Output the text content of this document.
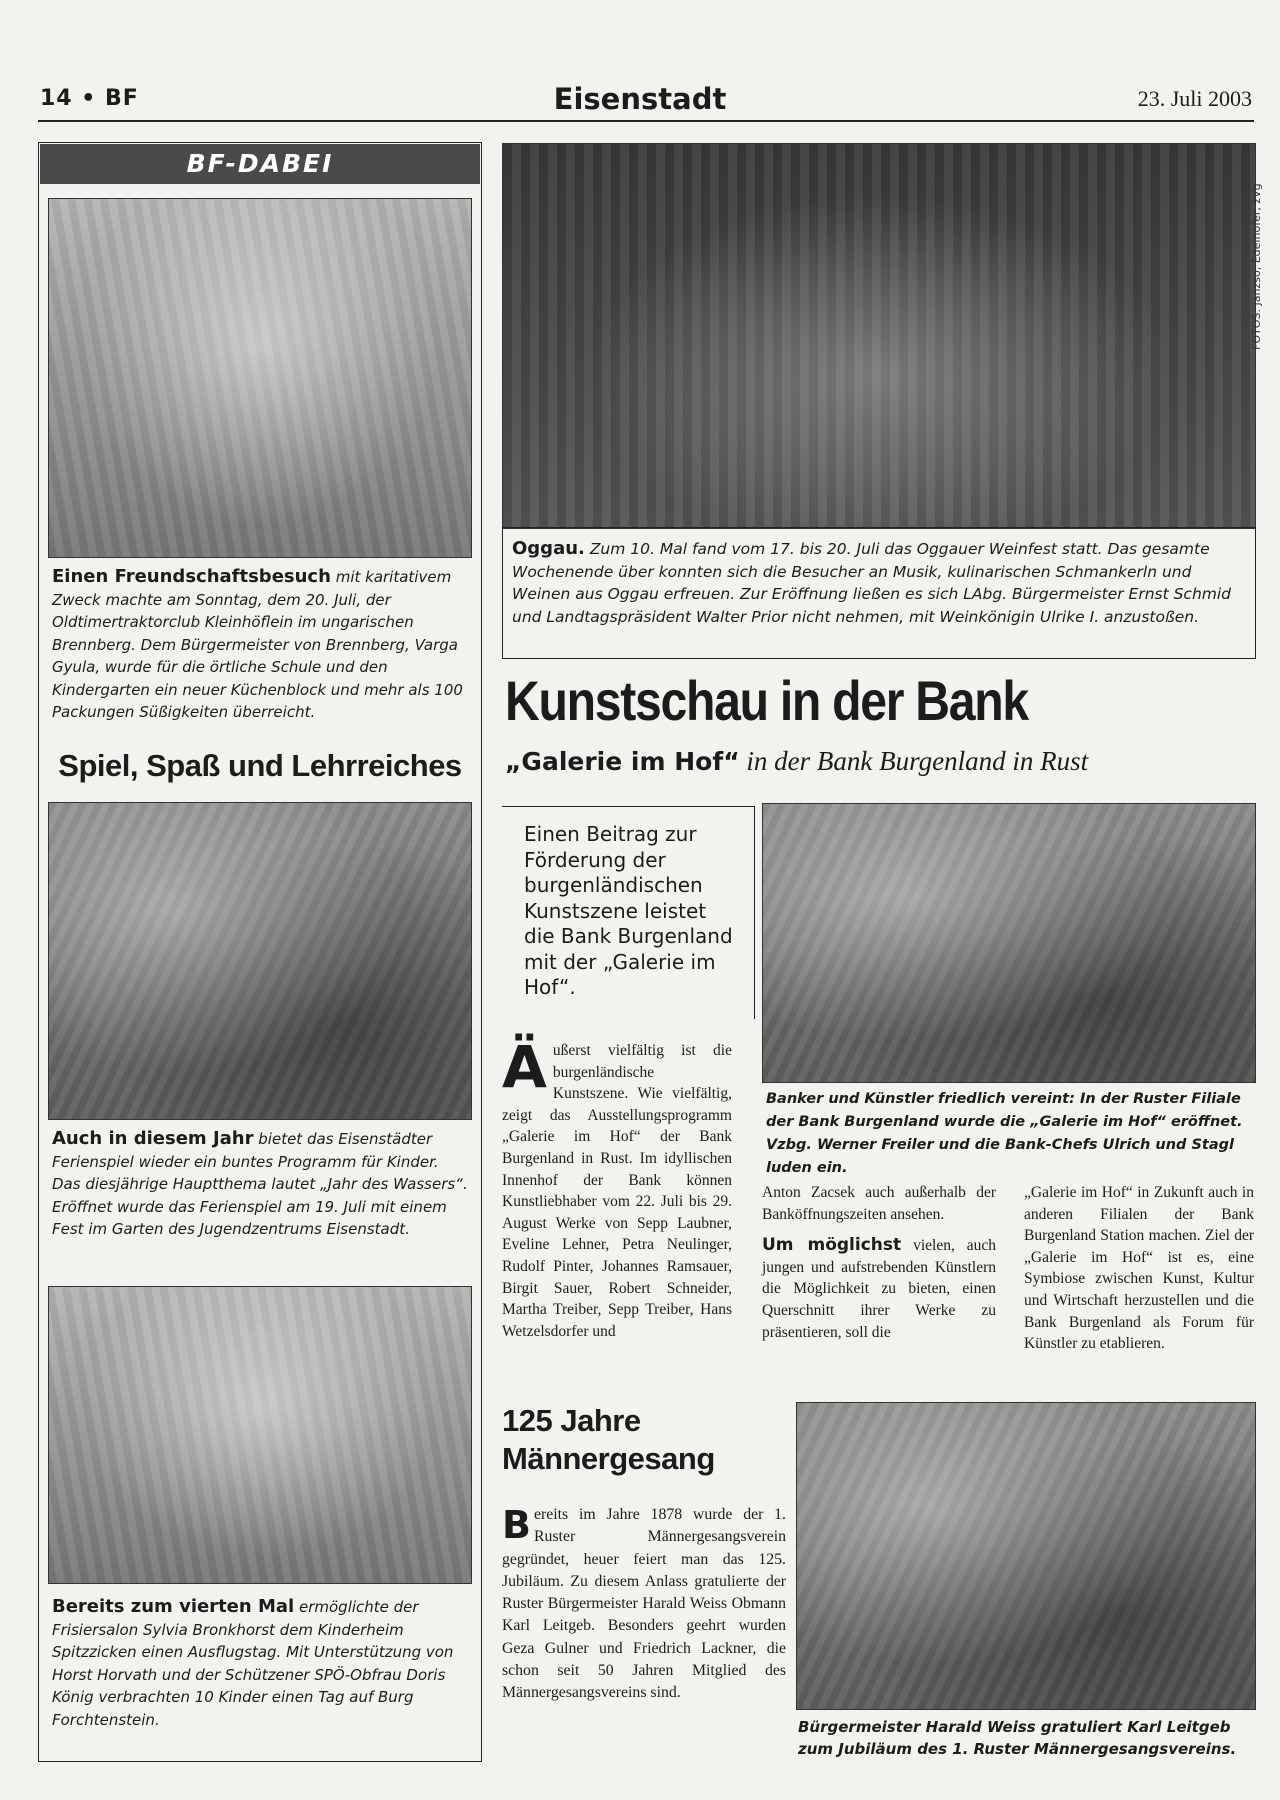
14 • BF	Eisenstadt	23. Juli 2003
BF-DABEI
Einen Freundschaftsbesuch mit karitativem Zweck machte am Sonntag, dem 20. Juli, der Oldtimertraktorclub Kleinhöflein im ungarischen Brennberg. Dem Bürgermeister von Brennberg, Varga Gyula, wurde für die örtliche Schule und den Kindergarten ein neuer Küchenblock und mehr als 100 Packungen Süßigkeiten überreicht.
Spiel, Spaß und Lehrreiches
Auch in diesem Jahr bietet das Eisenstädter Ferienspiel wieder ein buntes Programm für Kinder. Das diesjährige Hauptthema lautet „Jahr des Wassers“. Eröffnet wurde das Ferienspiel am 19. Juli mit einem Fest im Garten des Jugendzentrums Eisenstadt.
Bereits zum vierten Mal ermöglichte der Frisiersalon Sylvia Bronkhorst dem Kinderheim Spitzzicken einen Ausflugstag. Mit Unterstützung von Horst Horvath und der Schützener SPÖ-Obfrau Doris König verbrachten 10 Kinder einen Tag auf Burg Forchtenstein.
FOTOS: Janzso, Edelhofer, zVg
Oggau. Zum 10. Mal fand vom 17. bis 20. Juli das Oggauer Weinfest statt. Das gesamte Wochenende über konnten sich die Besucher an Musik, kulinarischen Schmankerln und Weinen aus Oggau erfreuen. Zur Eröffnung ließen es sich LAbg. Bürgermeister Ernst Schmid und Landtagspräsident Walter Prior nicht nehmen, mit Weinkönigin Ulrike I. anzustoßen.
Kunstschau in der Bank
„Galerie im Hof“ in der Bank Burgenland in Rust
Einen Beitrag zur Förderung der burgenländischen Kunstszene leistet die Bank Burgenland mit der „Galerie im Hof“.
Banker und Künstler friedlich vereint: In der Ruster Filiale der Bank Burgenland wurde die „Galerie im Hof“ eröffnet. Vzbg. Werner Freiler und die Bank-Chefs Ulrich und Stagl luden ein.
Ä ußerst vielfältig ist die burgenländische Kunstszene. Wie vielfältig, zeigt das Ausstellungsprogramm „Galerie im Hof“ der Bank Burgenland in Rust. Im idyllischen Innenhof der Bank können Kunstliebhaber vom 22. Juli bis 29. August Werke von Sepp Laubner, Eveline Lehner, Petra Neulinger, Rudolf Pinter, Johannes Ramsauer, Birgit Sauer, Robert Schneider, Martha Treiber, Sepp Treiber, Hans Wetzelsdorfer und
Anton Zacsek auch außerhalb der Banköffnungszeiten ansehen.
Um möglichst vielen, auch jungen und aufstrebenden Künstlern die Möglichkeit zu bieten, einen Querschnitt ihrer Werke zu präsentieren, soll die
„Galerie im Hof“ in Zukunft auch in anderen Filialen der Bank Burgenland Station machen. Ziel der „Galerie im Hof“ ist es, eine Symbiose zwischen Kunst, Kultur und Wirtschaft herzustellen und die Bank Burgenland als Forum für Künstler zu etablieren.
125 Jahre
Männergesang
B ereits im Jahre 1878 wurde der 1. Ruster Männergesangsverein gegründet, heuer feiert man das 125. Jubiläum. Zu diesem Anlass gratulierte der Ruster Bürgermeister Harald Weiss Obmann Karl Leitgeb. Besonders geehrt wurden Geza Gulner und Friedrich Lackner, die schon seit 50 Jahren Mitglied des Männergesangsvereins sind.
Bürgermeister Harald Weiss gratuliert Karl Leitgeb zum Jubiläum des 1. Ruster Männergesangsvereins.
